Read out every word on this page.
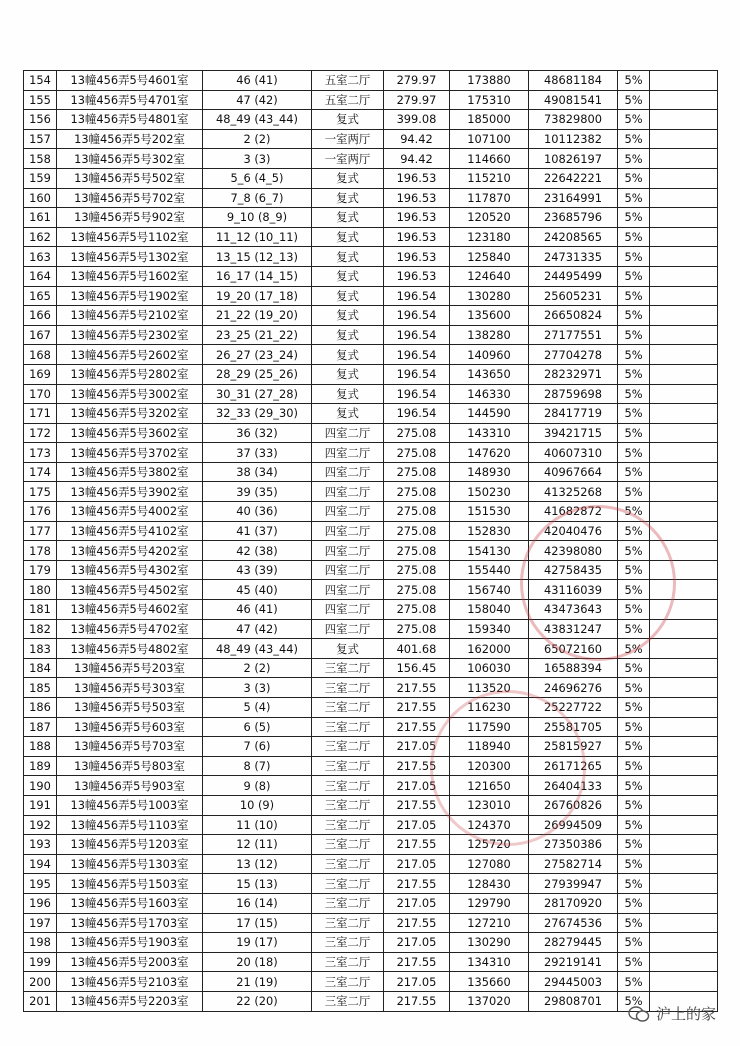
154	13幢456弄5号4601室	46 (41)	五室二厅	279.97	173880	48681184	5%	
155	13幢456弄5号4701室	47 (42)	五室二厅	279.97	175310	49081541	5%	
156	13幢456弄5号4801室	48_49 (43_44)	复式	399.08	185000	73829800	5%	
157	13幢456弄5号202室	2 (2)	一室两厅	94.42	107100	10112382	5%	
158	13幢456弄5号302室	3 (3)	一室两厅	94.42	114660	10826197	5%	
159	13幢456弄5号502室	5_6 (4_5)	复式	196.53	115210	22642221	5%	
160	13幢456弄5号702室	7_8 (6_7)	复式	196.53	117870	23164991	5%	
161	13幢456弄5号902室	9_10 (8_9)	复式	196.53	120520	23685796	5%	
162	13幢456弄5号1102室	11_12 (10_11)	复式	196.53	123180	24208565	5%	
163	13幢456弄5号1302室	13_15 (12_13)	复式	196.53	125840	24731335	5%	
164	13幢456弄5号1602室	16_17 (14_15)	复式	196.53	124640	24495499	5%	
165	13幢456弄5号1902室	19_20 (17_18)	复式	196.54	130280	25605231	5%	
166	13幢456弄5号2102室	21_22 (19_20)	复式	196.54	135600	26650824	5%	
167	13幢456弄5号2302室	23_25 (21_22)	复式	196.54	138280	27177551	5%	
168	13幢456弄5号2602室	26_27 (23_24)	复式	196.54	140960	27704278	5%	
169	13幢456弄5号2802室	28_29 (25_26)	复式	196.54	143650	28232971	5%	
170	13幢456弄5号3002室	30_31 (27_28)	复式	196.54	146330	28759698	5%	
171	13幢456弄5号3202室	32_33 (29_30)	复式	196.54	144590	28417719	5%	
172	13幢456弄5号3602室	36 (32)	四室二厅	275.08	143310	39421715	5%	
173	13幢456弄5号3702室	37 (33)	四室二厅	275.08	147620	40607310	5%	
174	13幢456弄5号3802室	38 (34)	四室二厅	275.08	148930	40967664	5%	
175	13幢456弄5号3902室	39 (35)	四室二厅	275.08	150230	41325268	5%	
176	13幢456弄5号4002室	40 (36)	四室二厅	275.08	151530	41682872	5%	
177	13幢456弄5号4102室	41 (37)	四室二厅	275.08	152830	42040476	5%	
178	13幢456弄5号4202室	42 (38)	四室二厅	275.08	154130	42398080	5%	
179	13幢456弄5号4302室	43 (39)	四室二厅	275.08	155440	42758435	5%	
180	13幢456弄5号4502室	45 (40)	四室二厅	275.08	156740	43116039	5%	
181	13幢456弄5号4602室	46 (41)	四室二厅	275.08	158040	43473643	5%	
182	13幢456弄5号4702室	47 (42)	四室二厅	275.08	159340	43831247	5%	
183	13幢456弄5号4802室	48_49 (43_44)	复式	401.68	162000	65072160	5%	
184	13幢456弄5号203室	2 (2)	三室二厅	156.45	106030	16588394	5%	
185	13幢456弄5号303室	3 (3)	三室二厅	217.55	113520	24696276	5%	
186	13幢456弄5号503室	5 (4)	三室二厅	217.55	116230	25227722	5%	
187	13幢456弄5号603室	6 (5)	三室二厅	217.55	117590	25581705	5%	
188	13幢456弄5号703室	7 (6)	三室二厅	217.05	118940	25815927	5%	
189	13幢456弄5号803室	8 (7)	三室二厅	217.55	120300	26171265	5%	
190	13幢456弄5号903室	9 (8)	三室二厅	217.05	121650	26404133	5%	
191	13幢456弄5号1003室	10 (9)	三室二厅	217.55	123010	26760826	5%	
192	13幢456弄5号1103室	11 (10)	三室二厅	217.05	124370	26994509	5%	
193	13幢456弄5号1203室	12 (11)	三室二厅	217.55	125720	27350386	5%	
194	13幢456弄5号1303室	13 (12)	三室二厅	217.05	127080	27582714	5%	
195	13幢456弄5号1503室	15 (13)	三室二厅	217.55	128430	27939947	5%	
196	13幢456弄5号1603室	16 (14)	三室二厅	217.05	129790	28170920	5%	
197	13幢456弄5号1703室	17 (15)	三室二厅	217.55	127210	27674536	5%	
198	13幢456弄5号1903室	19 (17)	三室二厅	217.05	130290	28279445	5%	
199	13幢456弄5号2003室	20 (18)	三室二厅	217.55	134310	29219141	5%	
200	13幢456弄5号2103室	21 (19)	三室二厅	217.05	135660	29445003	5%	
201	13幢456弄5号2203室	22 (20)	三室二厅	217.55	137020	29808701	5%	
沪上的家
